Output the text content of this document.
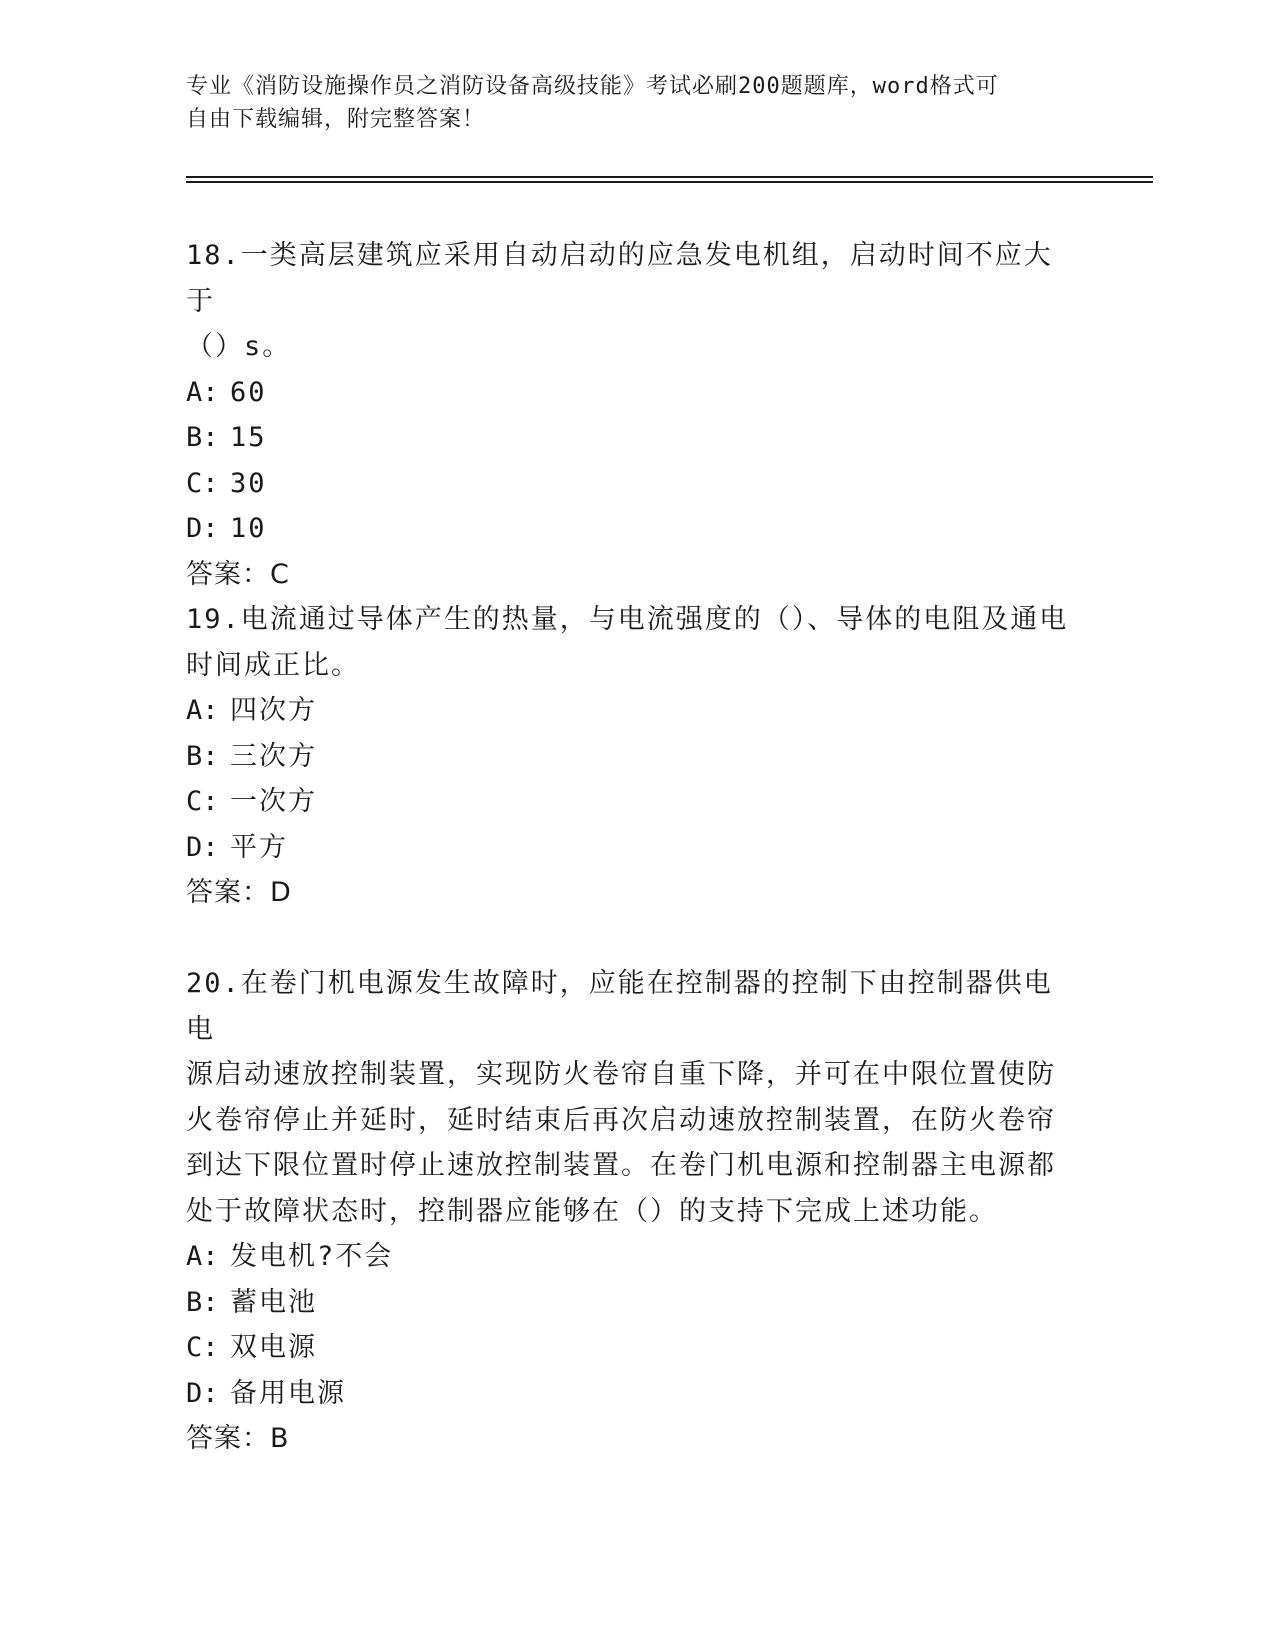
专业《消防设施操作员之消防设备高级技能》考试必刷200题题库，word格式可
自由下载编辑，附完整答案！

18.一类高层建筑应采用自动启动的应急发电机组，启动时间不应大于

（）s。

A: 60

B: 15

C: 30

D: 10

答案：C

19.电流通过导体产生的热量，与电流强度的（）、导体的电阻及通电

时间成正比。

A: 四次方

B: 三次方

C: 一次方

D: 平方

答案：D

20.在卷门机电源发生故障时，应能在控制器的控制下由控制器供电电

源启动速放控制装置，实现防火卷帘自重下降，并可在中限位置使防

火卷帘停止并延时，延时结束后再次启动速放控制装置，在防火卷帘

到达下限位置时停止速放控制装置。在卷门机电源和控制器主电源都

处于故障状态时，控制器应能够在（）的支持下完成上述功能。

A: 发电机?不会

B: 蓄电池

C: 双电源

D: 备用电源

答案：B
